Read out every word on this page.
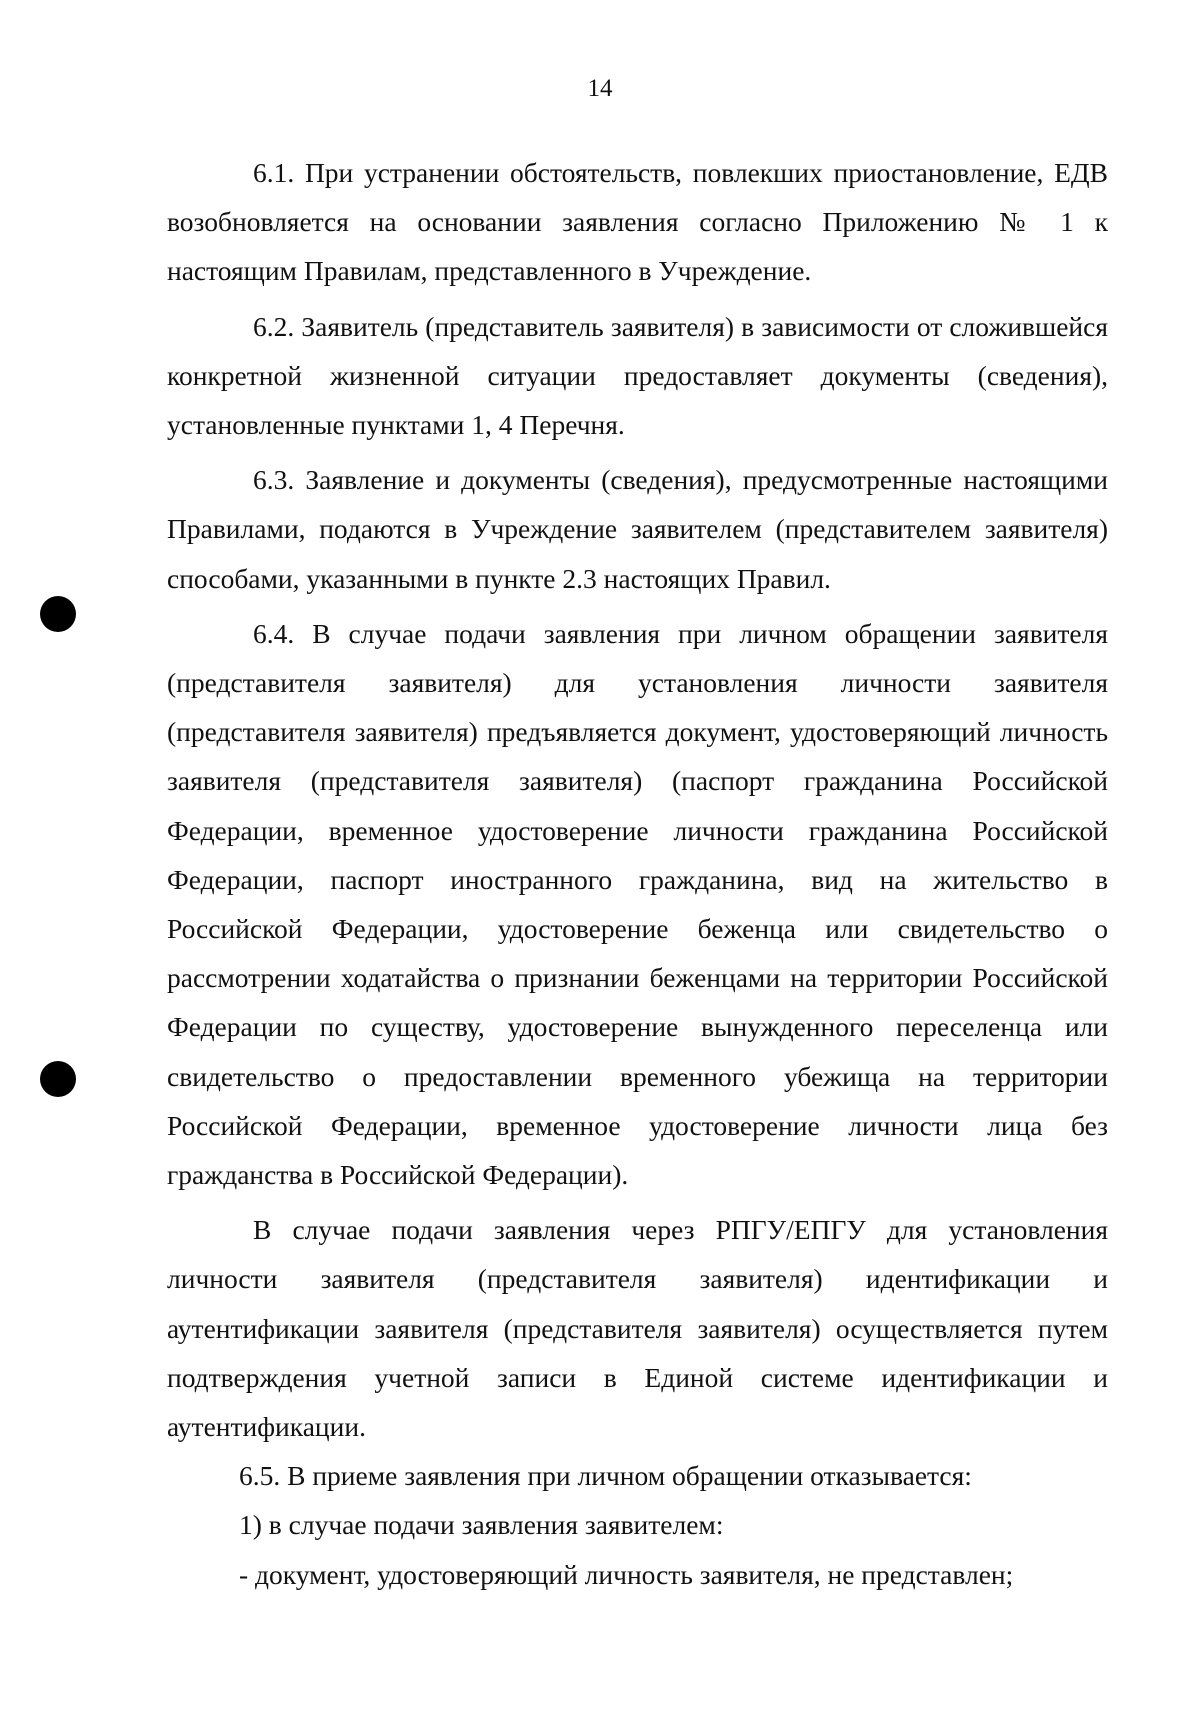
14

6.1. При устранении обстоятельств, повлекших приостановление, ЕДВ возобновляется на основании заявления согласно Приложению № 1 к настоящим Правилам, представленного в Учреждение.

6.2. Заявитель (представитель заявителя) в зависимости от сложившейся конкретной жизненной ситуации предоставляет документы (сведения), установленные пунктами 1, 4 Перечня.

6.3. Заявление и документы (сведения), предусмотренные настоящими Правилами, подаются в Учреждение заявителем (представителем заявителя) способами, указанными в пункте 2.3 настоящих Правил.

6.4. В случае подачи заявления при личном обращении заявителя (представителя заявителя) для установления личности заявителя (представителя заявителя) предъявляется документ, удостоверяющий личность заявителя (представителя заявителя) (паспорт гражданина Российской Федерации, временное удостоверение личности гражданина Российской Федерации, паспорт иностранного гражданина, вид на жительство в Российской Федерации, удостоверение беженца или свидетельство о рассмотрении ходатайства о признании беженцами на территории Российской Федерации по существу, удостоверение вынужденного переселенца или свидетельство о предоставлении временного убежища на территории Российской Федерации, временное удостоверение личности лица без гражданства в Российской Федерации).

В случае подачи заявления через РПГУ/ЕПГУ для установления личности заявителя (представителя заявителя) идентификации и аутентификации заявителя (представителя заявителя) осуществляется путем подтверждения учетной записи в Единой системе идентификации и аутентификации.

6.5. В приеме заявления при личном обращении отказывается:

1) в случае подачи заявления заявителем:

- документ, удостоверяющий личность заявителя, не представлен;
